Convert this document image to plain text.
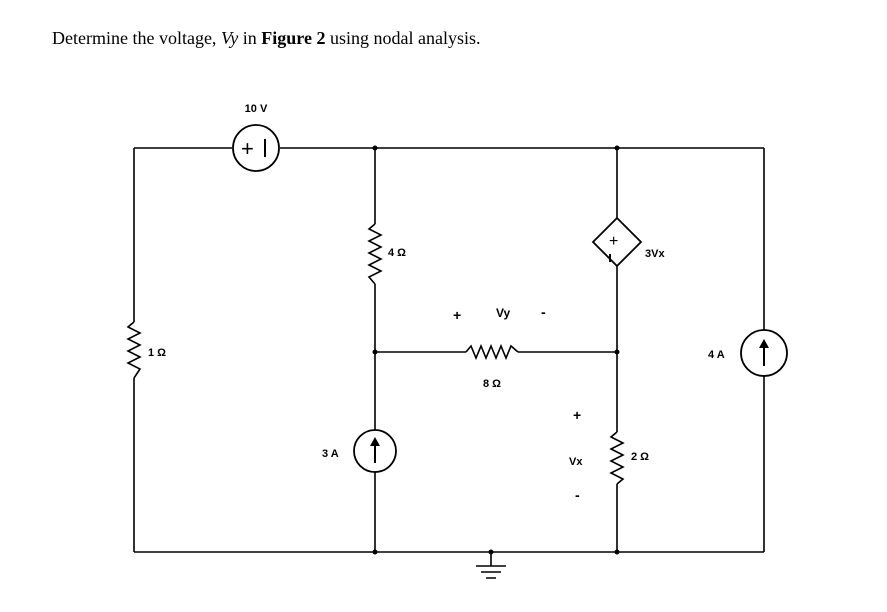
Determine the voltage, Vy in Figure 2 using nodal analysis.
+
10 V
1 Ω
4 Ω
8 Ω
+	Vy -
+
3Vx
2 Ω
+
Vx
-
3 A
4 A
